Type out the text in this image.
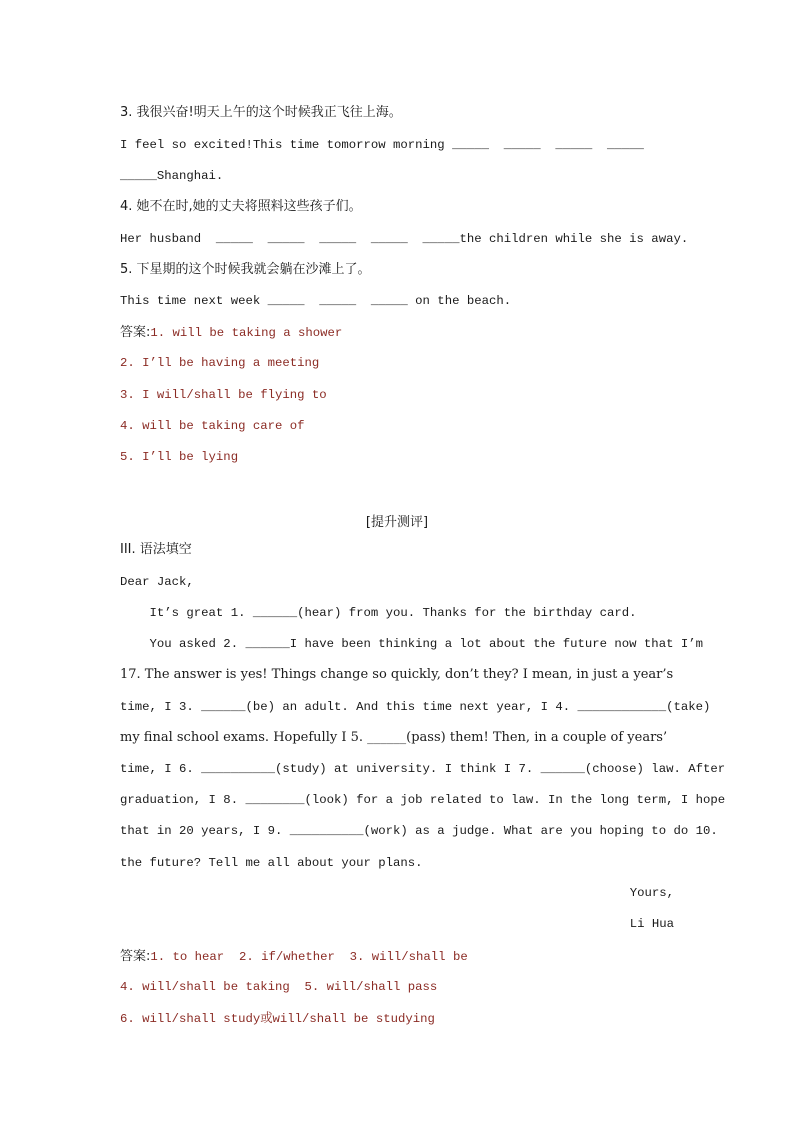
3. 我很兴奋!明天上午的这个时候我正飞往上海。
I feel so excited!This time tomorrow morning _____  _____  _____  _____
_____Shanghai.
4. 她不在时,她的丈夫将照料这些孩子们。
Her husband  _____  _____  _____  _____  _____the children while she is away.
5. 下星期的这个时候我就会躺在沙滩上了。
This time next week _____  _____  _____ on the beach.
答案:1. will be taking a shower
2. I’ll be having a meeting
3. I will/shall be flying to
4. will be taking care of
5. I’ll be lying
[提升测评]
III. 语法填空
Dear Jack,
It’s great 1. ______(hear) from you. Thanks for the birthday card.
You asked 2. ______I have been thinking a lot about the future now that I’m
17. The answer is yes! Things change so quickly, don’t they? I mean, in just a year’s
time, I 3. ______(be) an adult. And this time next year, I 4. ____________(take)
my final school exams. Hopefully I 5. ______(pass) them! Then, in a couple of years’
time, I 6. __________(study) at university. I think I 7. ______(choose) law. After
graduation, I 8. ________(look) for a job related to law. In the long term, I hope
that in 20 years, I 9. __________(work) as a judge. What are you hoping to do 10.
the future? Tell me all about your plans.
Yours,
Li Hua
答案:1. to hear  2. if/whether  3. will/shall be
4. will/shall be taking  5. will/shall pass
6. will/shall study或will/shall be studying
